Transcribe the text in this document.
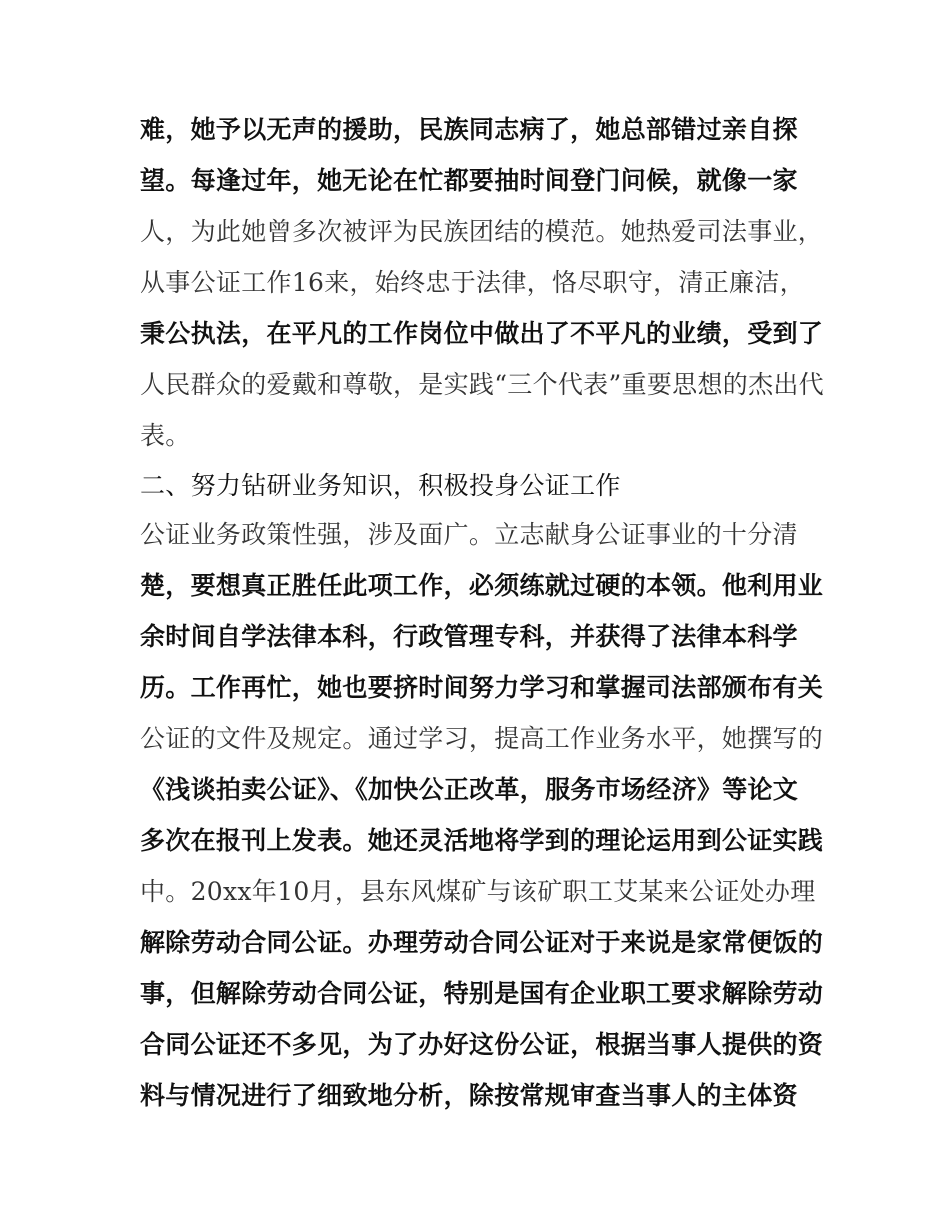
难，她予以无声的援助，民族同志病了，她总部错过亲自探
望。每逢过年，她无论在忙都要抽时间登门问候，就像一家
人，为此她曾多次被评为民族团结的模范。她热爱司法事业，
从事公证工作16来，始终忠于法律，恪尽职守，清正廉洁，
秉公执法，在平凡的工作岗位中做出了不平凡的业绩，受到了
人民群众的爱戴和尊敬，是实践“三个代表”重要思想的杰出代
表。
二、努力钻研业务知识，积极投身公证工作
公证业务政策性强，涉及面广。立志献身公证事业的十分清
楚，要想真正胜任此项工作，必须练就过硬的本领。他利用业
余时间自学法律本科，行政管理专科，并获得了法律本科学
历。工作再忙，她也要挤时间努力学习和掌握司法部颁布有关
公证的文件及规定。通过学习，提高工作业务水平，她撰写的
《浅谈拍卖公证》、《加快公正改革，服务市场经济》等论文
多次在报刊上发表。她还灵活地将学到的理论运用到公证实践
中。20xx年10月，县东风煤矿与该矿职工艾某来公证处办理
解除劳动合同公证。办理劳动合同公证对于来说是家常便饭的
事，但解除劳动合同公证，特别是国有企业职工要求解除劳动
合同公证还不多见，为了办好这份公证，根据当事人提供的资
料与情况进行了细致地分析，除按常规审查当事人的主体资
